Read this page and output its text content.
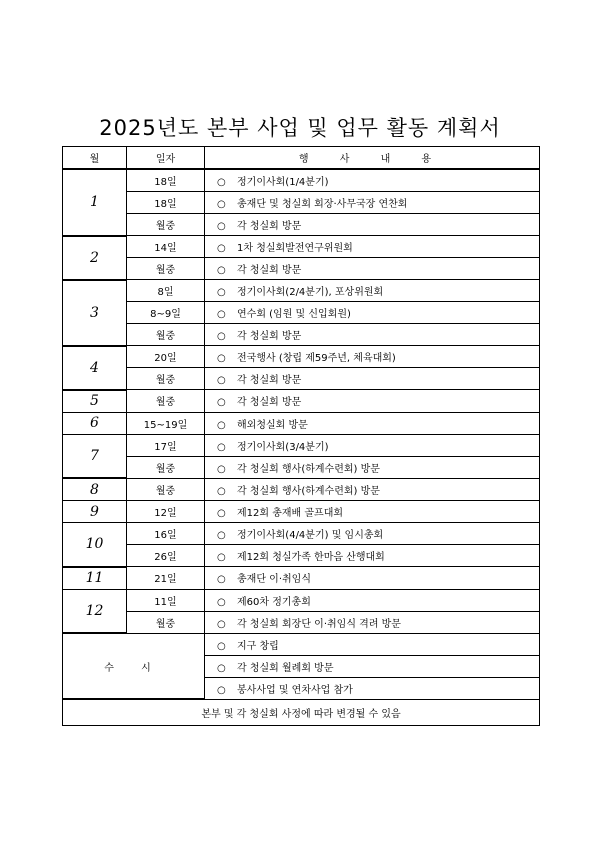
2025년도 본부 사업 및 업무 활동 계획서
월	일자	행 사 내 용
1	18일	○ 정기이사회(1/4분기)
	18일	○ 총재단 및 청실회 회장·사무국장 연찬회
	월중	○ 각 청실회 방문
2	14일	○ 1차 청실회발전연구위원회
	월중	○ 각 청실회 방문
3	8일	○ 정기이사회(2/4분기), 포상위원회
	8~9일	○ 연수회 (임원 및 신입회원)
	월중	○ 각 청실회 방문
4	20일	○ 전국행사 (창립 제59주년, 체육대회)
	월중	○ 각 청실회 방문
5	월중	○ 각 청실회 방문
6	15~19일	○ 해외청실회 방문
7	17일	○ 정기이사회(3/4분기)
	월중	○ 각 청실회 행사(하계수련회) 방문
8	월중	○ 각 청실회 행사(하계수련회) 방문
9	12일	○ 제12회 총재배 골프대회
10	16일	○ 정기이사회(4/4분기) 및 임시총회
	26일	○ 제12회 청실가족 한마음 산행대회
11	21일	○ 총재단 이·취임식
12	11일	○ 제60차 정기총회
	월중	○ 각 청실회 회장단 이·취임식 격려 방문
수 시		○ 지구 창립
		○ 각 청실회 월례회 방문
		○ 봉사사업 및 연차사업 참가
본부 및 각 청실회 사정에 따라 변경될 수 있음		
